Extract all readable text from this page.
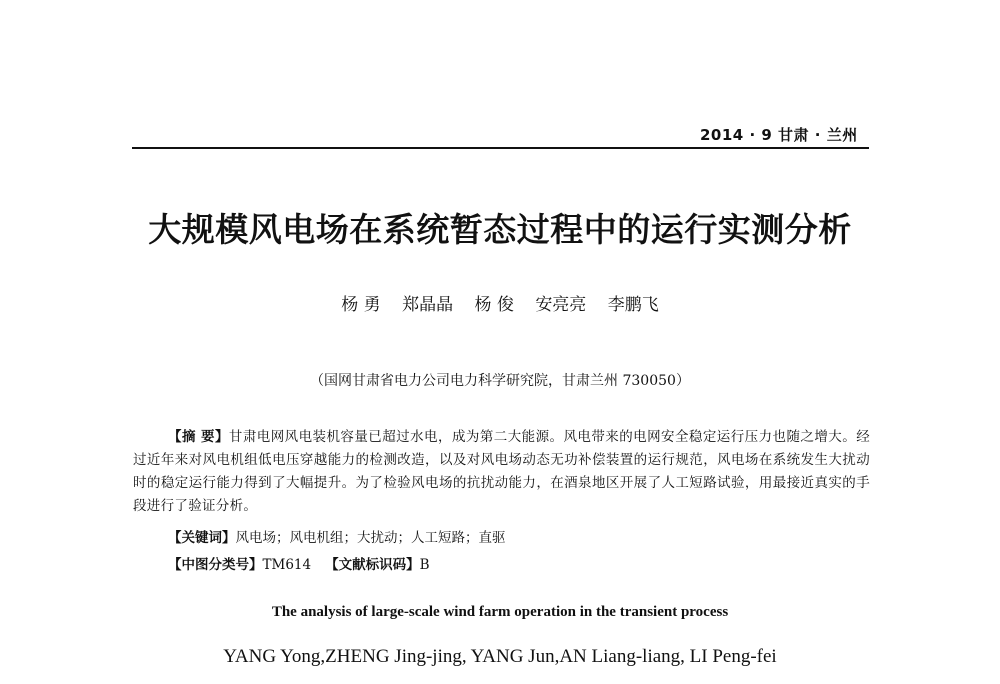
2014 · 9 甘肃 · 兰州
大规模风电场在系统暂态过程中的运行实测分析
杨 勇 郑晶晶 杨 俊 安亮亮 李鹏飞
（国网甘肃省电力公司电力科学研究院，甘肃兰州 730050）
【摘 要】甘肃电网风电装机容量已超过水电，成为第二大能源。风电带来的电网安全稳定运行压力也随之增大。经过近年来对风电机组低电压穿越能力的检测改造，以及对风电场动态无功补偿装置的运行规范，风电场在系统发生大扰动时的稳定运行能力得到了大幅提升。为了检验风电场的抗扰动能力，在酒泉地区开展了人工短路试验，用最接近真实的手段进行了验证分析。
【关键词】风电场；风电机组；大扰动；人工短路；直驱
【中图分类号】TM614 【文献标识码】B
The analysis of large-scale wind farm operation in the transient process
YANG Yong,ZHENG Jing-jing, YANG Jun,AN Liang-liang, LI Peng-fei
